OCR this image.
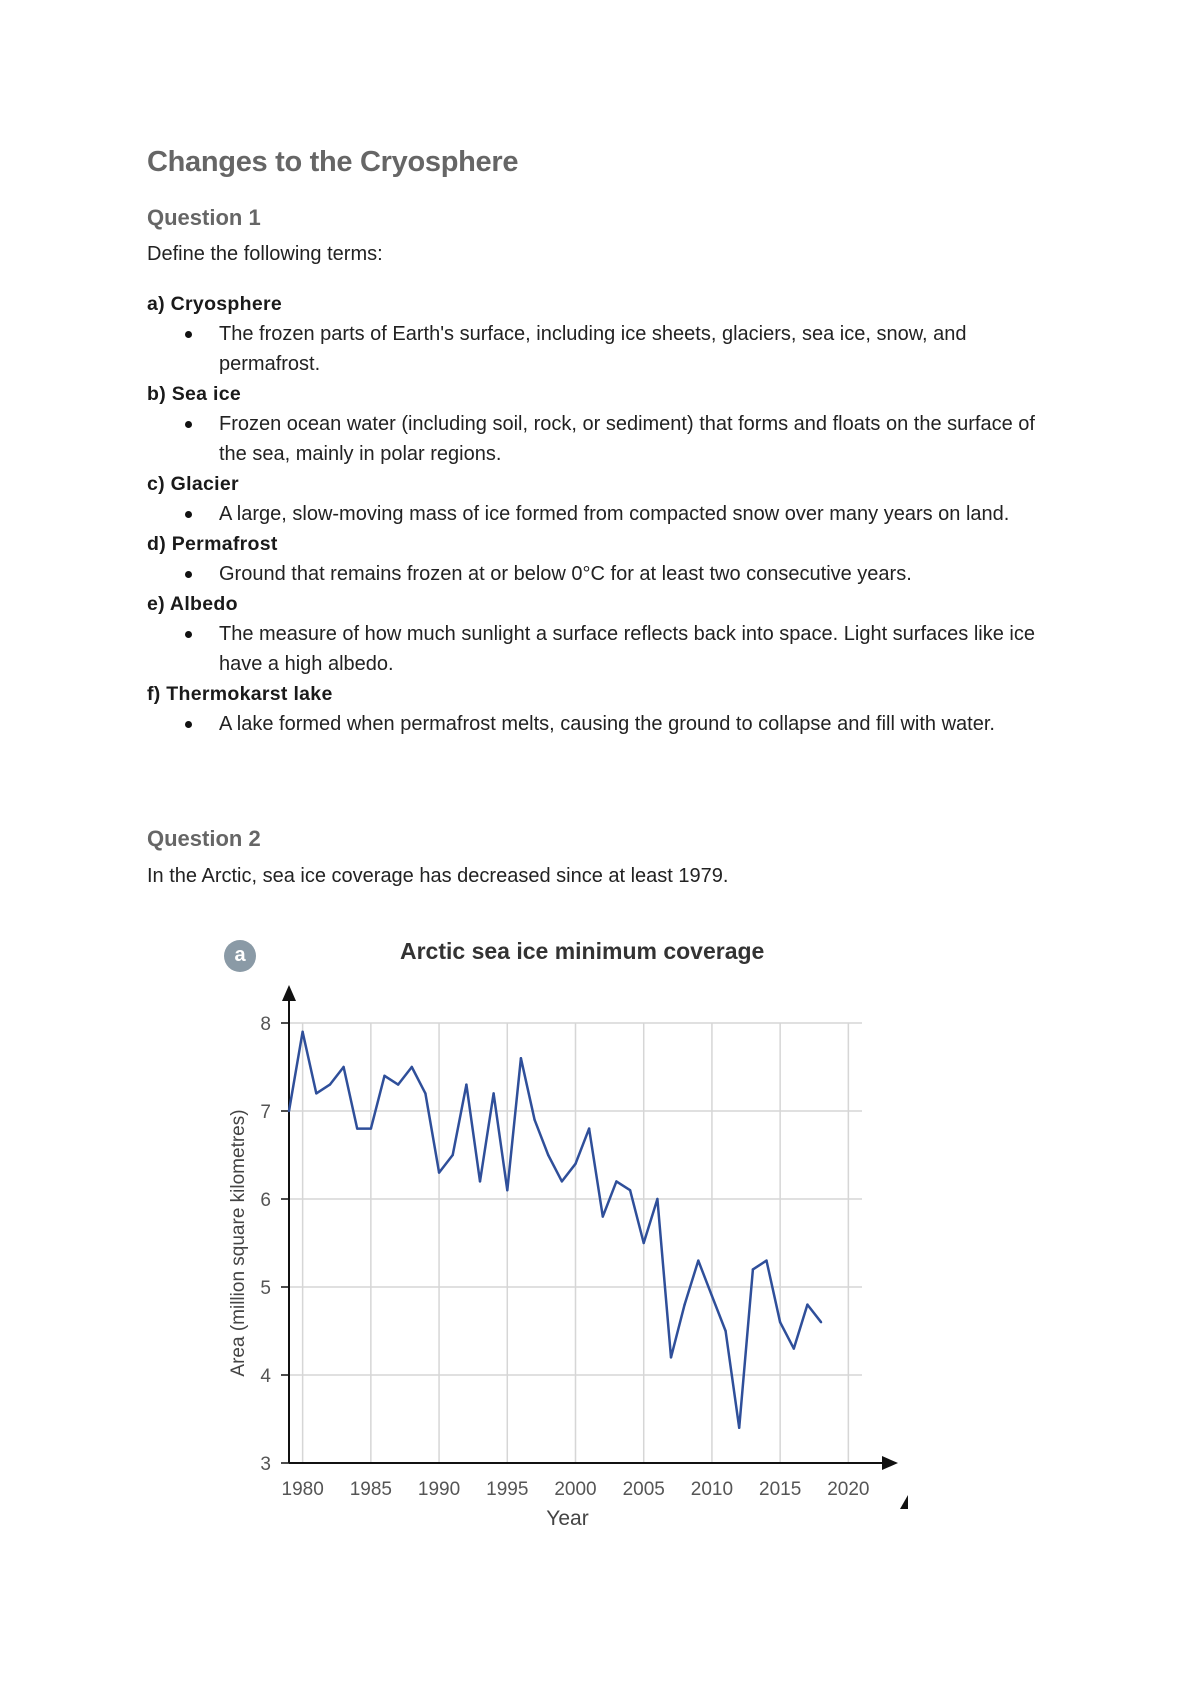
Changes to the Cryosphere
Question 1

Define the following terms:

a) Cryosphere
The frozen parts of Earth's surface, including ice sheets, glaciers, sea ice, snow, and permafrost.
b) Sea ice
Frozen ocean water (including soil, rock, or sediment) that forms and floats on the surface of the sea, mainly in polar regions.
c) Glacier
A large, slow-moving mass of ice formed from compacted snow over many years on land.
d) Permafrost
Ground that remains frozen at or below 0°C for at least two consecutive years.
e) Albedo
The measure of how much sunlight a surface reflects back into space. Light surfaces like ice have a high albedo.
f) Thermokarst lake
A lake formed when permafrost melts, causing the ground to collapse and fill with water.
Question 2

In the Arctic, sea ice coverage has decreased since at least 1979.

a	Arctic sea ice minimum coverage
3
4
5
6
7
8
1980 1985 1990 1995 2000 2005 2010 2015 2020
Year
Area (million square kilometres)
